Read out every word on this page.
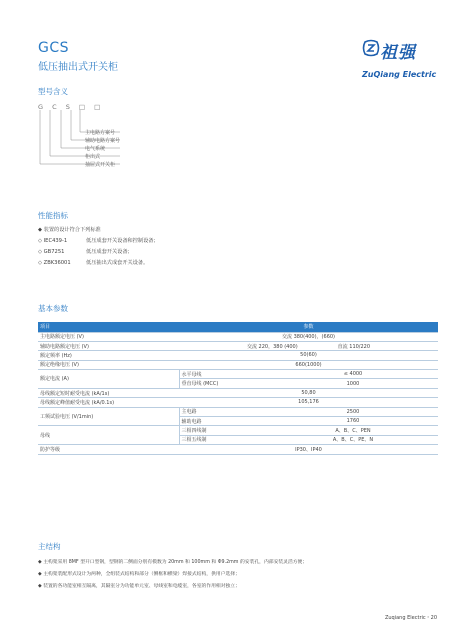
GCS
低压抽出式开关柜
祖强
ZuQiang Electric
型号含义
G C S □ □
主电路方案号
辅助电路方案号
电气系统
柜出式
抽屉式开关柜
性能指标
◆ 装置的设计符合下列标准
◇ IEC439-1	低压成套开关设备和控制设备；
◇ GB7251	低压成套开关设备；
◇ ZBK36001	低压抽出式成套开关设备。
基本参数
项目	参数	
主电路额定电压 (V)	交流 380(400)，(660)	
辅助电路额定电压 (V)	交流 220，380 (400) 直流 110/220	
额定频率 (Hz)	50(60)	
额定绝缘电压 (V)	660(1000)	
额定电流 (A)	水平母线	≤ 4000
	垂直母线 (MCC)	1000
母线额定短时耐受电流 (kA/1s)	50,80	
母线额定峰值耐受电流 (kA/0.1s)	105,176	
工频试验电压 (V/1min)	主电路	2500
	辅助电路	1760
母线	三相四线制	A、B、C、PEN
	三相五线制	A、B、C、PE、N
防护等级	IP30、IP40	
主结构
◆ 主构架采用 8MF 型开口型钢，型钢的二侧面分别有模数为 20mm 和 100mm 和 Φ9.2mm 的安装孔，内部安装灵活方便；
◆ 主构架装配形式设计为两种，全组装式结构和部分（侧框和横梁）焊接式结构，供用户选择；
◆ 装置的各功能室相互隔离，其隔室分为功能单元室、母线室和电缆室，各室的作用相对独立；
Zuqiang Electric・20
